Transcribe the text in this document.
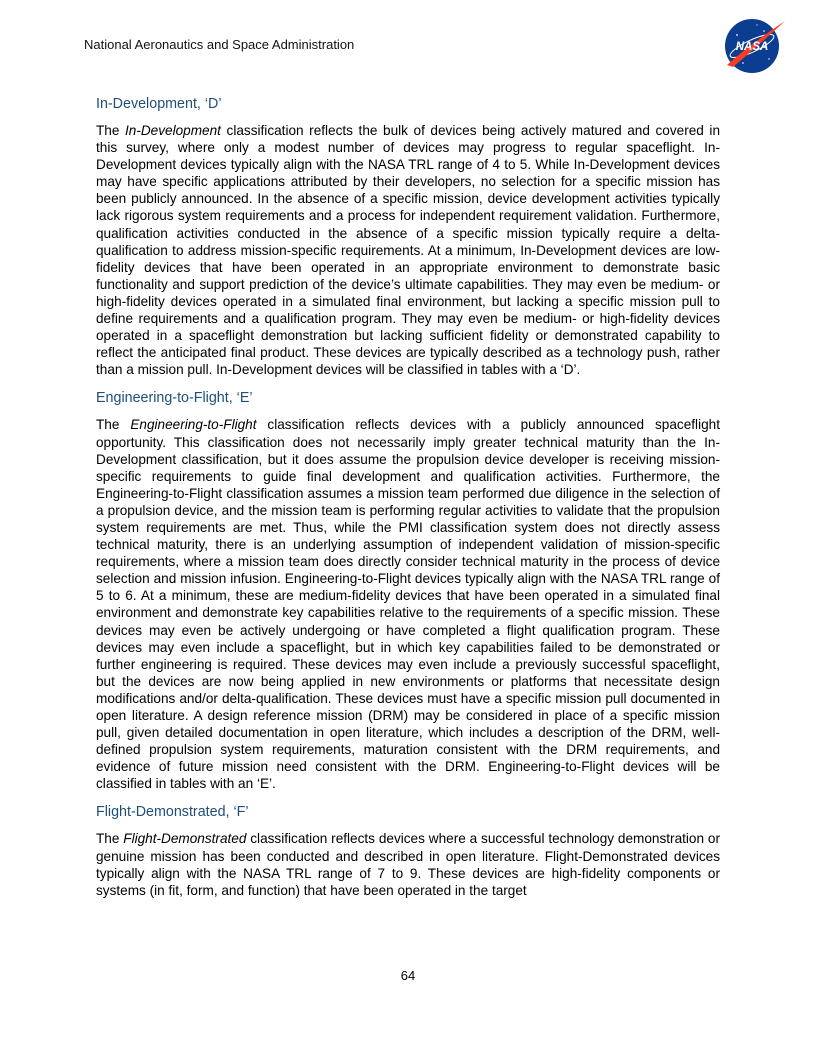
National Aeronautics and Space Administration	NASA
In-Development, ‘D’

The In-Development classification reflects the bulk of devices being actively matured and covered in this survey, where only a modest number of devices may progress to regular spaceflight. In-Development devices typically align with the NASA TRL range of 4 to 5. While In-Development devices may have specific applications attributed by their developers, no selection for a specific mission has been publicly announced. In the absence of a specific mission, device development activities typically lack rigorous system requirements and a process for independent requirement validation. Furthermore, qualification activities conducted in the absence of a specific mission typically require a delta-qualification to address mission-specific requirements. At a minimum, In-Development devices are low-fidelity devices that have been operated in an appropriate environment to demonstrate basic functionality and support prediction of the device’s ultimate capabilities. They may even be medium- or high-fidelity devices operated in a simulated final environment, but lacking a specific mission pull to define requirements and a qualification program. They may even be medium- or high-fidelity devices operated in a spaceflight demonstration but lacking sufficient fidelity or demonstrated capability to reflect the anticipated final product. These devices are typically described as a technology push, rather than a mission pull. In-Development devices will be classified in tables with a ‘D’.

Engineering-to-Flight, ‘E’

The Engineering-to-Flight classification reflects devices with a publicly announced spaceflight opportunity. This classification does not necessarily imply greater technical maturity than the In-Development classification, but it does assume the propulsion device developer is receiving mission-specific requirements to guide final development and qualification activities. Furthermore, the Engineering-to-Flight classification assumes a mission team performed due diligence in the selection of a propulsion device, and the mission team is performing regular activities to validate that the propulsion system requirements are met. Thus, while the PMI classification system does not directly assess technical maturity, there is an underlying assumption of independent validation of mission-specific requirements, where a mission team does directly consider technical maturity in the process of device selection and mission infusion. Engineering-to-Flight devices typically align with the NASA TRL range of 5 to 6. At a minimum, these are medium-fidelity devices that have been operated in a simulated final environment and demonstrate key capabilities relative to the requirements of a specific mission. These devices may even be actively undergoing or have completed a flight qualification program. These devices may even include a spaceflight, but in which key capabilities failed to be demonstrated or further engineering is required. These devices may even include a previously successful spaceflight, but the devices are now being applied in new environments or platforms that necessitate design modifications and/or delta-qualification. These devices must have a specific mission pull documented in open literature. A design reference mission (DRM) may be considered in place of a specific mission pull, given detailed documentation in open literature, which includes a description of the DRM, well-defined propulsion system requirements, maturation consistent with the DRM requirements, and evidence of future mission need consistent with the DRM. Engineering-to-Flight devices will be classified in tables with an ‘E’.

Flight-Demonstrated, ‘F’

The Flight-Demonstrated classification reflects devices where a successful technology demonstration or genuine mission has been conducted and described in open literature. Flight-Demonstrated devices typically align with the NASA TRL range of 7 to 9. These devices are high-fidelity components or systems (in fit, form, and function) that have been operated in the target

64
